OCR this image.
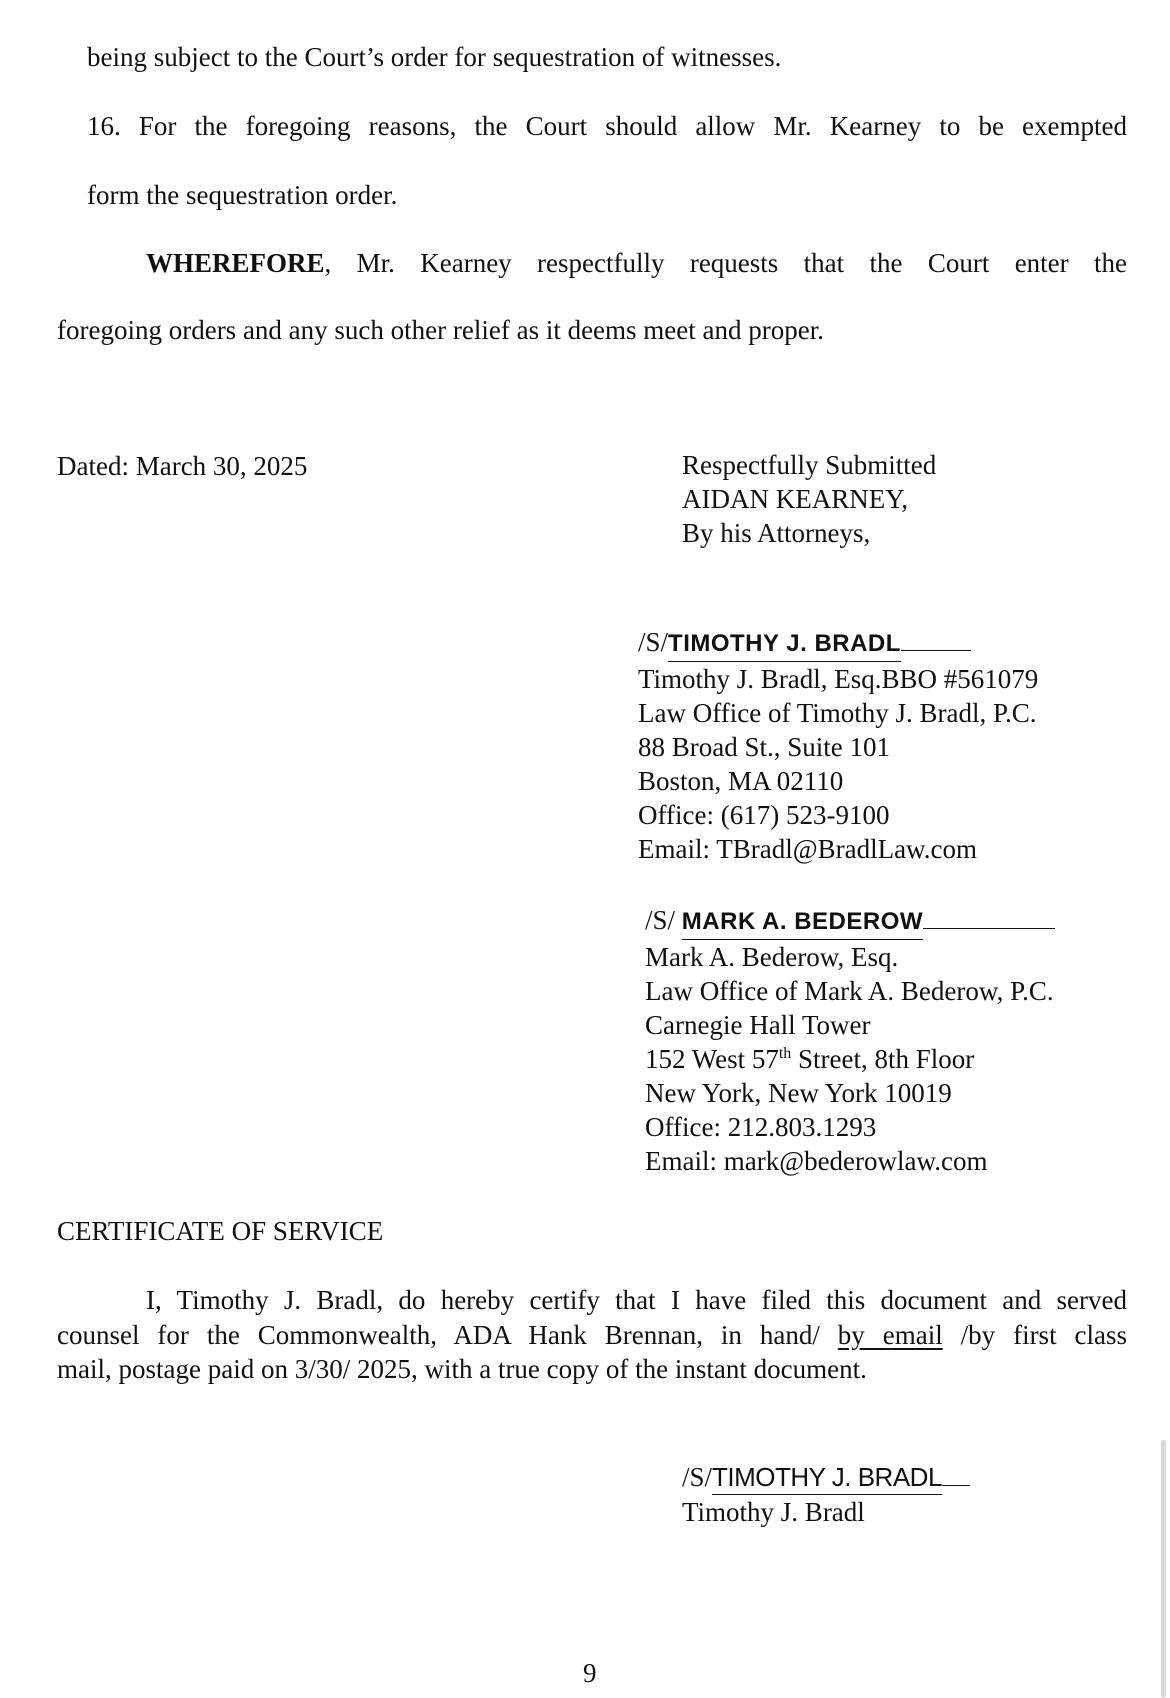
being subject to the Court’s order for sequestration of witnesses.
16. For the foregoing reasons, the Court should allow Mr. Kearney to be exempted
form the sequestration order.
WHEREFORE, Mr. Kearney respectfully requests that the Court enter the
foregoing orders and any such other relief as it deems meet and proper.
Dated: March 30, 2025	Respectfully Submitted
AIDAN KEARNEY,
By his Attorneys,
/S/TIMOTHY J. BRADL
Timothy J. Bradl, Esq.BBO #561079
Law Office of Timothy J. Bradl, P.C.
88 Broad St., Suite 101
Boston, MA 02110
Office: (617) 523-9100
Email: TBradl@BradlLaw.com
/S/ MARK A. BEDEROW
Mark A. Bederow, Esq.
Law Office of Mark A. Bederow, P.C.
Carnegie Hall Tower
152 West 57th Street, 8th Floor
New York, New York 10019
Office: 212.803.1293
Email: mark@bederowlaw.com
CERTIFICATE OF SERVICE
I, Timothy J. Bradl, do hereby certify that I have filed this document and served
counsel for the Commonwealth, ADA Hank Brennan, in hand/ by email /by first class
mail, postage paid on 3/30/ 2025, with a true copy of the instant document.
/S/TIMOTHY J. BRADL
Timothy J. Bradl
9
